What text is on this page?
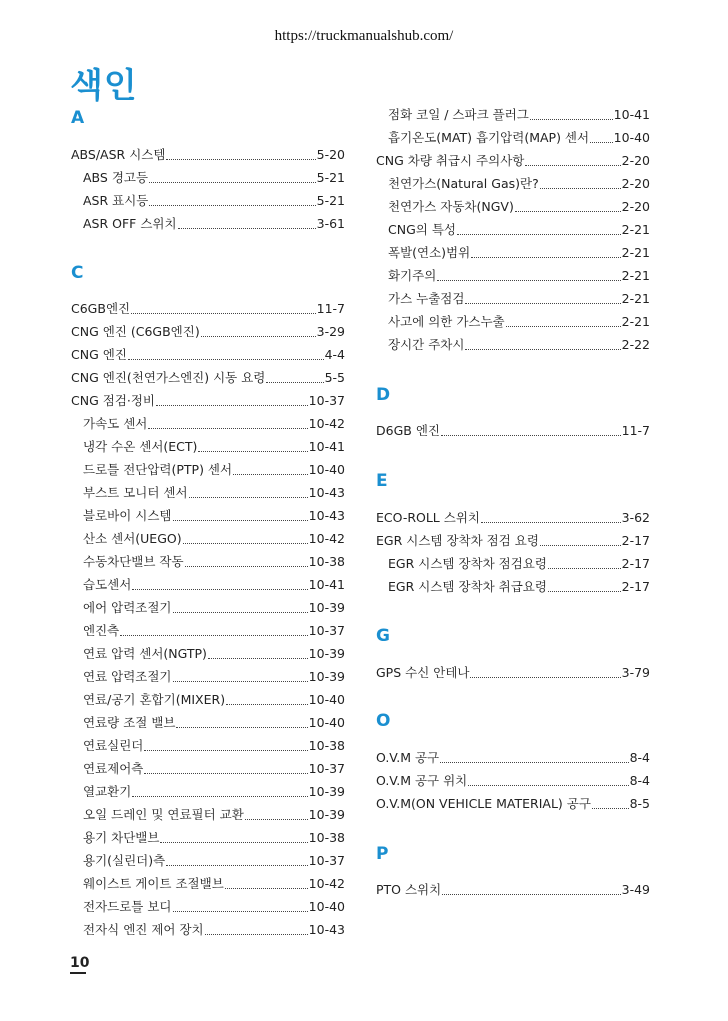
https://truckmanualshub.com/
색인
A
ABS/ASR 시스템	5-20
ABS 경고등	5-21
ASR 표시등	5-21
ASR OFF 스위치	3-61
C
C6GB엔진	11-7
CNG 엔진 (C6GB엔진)	3-29
CNG 엔진	4-4
CNG 엔진(천연가스엔진) 시동 요령	5-5
CNG 점검·정비	10-37
가속도 센서	10-42
냉각 수온 센서(ECT)	10-41
드로틀 전단압력(PTP) 센서	10-40
부스트 모니터 센서	10-43
블로바이 시스템	10-43
산소 센서(UEGO)	10-42
수동차단밸브 작동	10-38
습도센서	10-41
에어 압력조절기	10-39
엔진측	10-37
연료 압력 센서(NGTP)	10-39
연료 압력조절기	10-39
연료/공기 혼합기(MIXER)	10-40
연료량 조절 밸브	10-40
연료실린더	10-38
연료제어측	10-37
열교환기	10-39
오일 드레인 및 연료필터 교환	10-39
용기 차단밸브	10-38
용기(실린더)측	10-37
웨이스트 게이트 조절밸브	10-42
전자드로틀 보디	10-40
전자식 엔진 제어 장치	10-43
점화 코일 / 스파크 플러그	10-41
흡기온도(MAT) 흡기압력(MAP) 센서 10-40
CNG 차량 취급시 주의사항	2-20
천연가스(Natural Gas)란?	2-20
천연가스 자동차(NGV)	2-20
CNG의 특성	2-21
폭발(연소)범위	2-21
화기주의	2-21
가스 누출점검	2-21
사고에 의한 가스누출	2-21
장시간 주차시	2-22
D
D6GB 엔진	11-7
E
ECO-ROLL 스위치	3-62
EGR 시스템 장착차 점검 요령	2-17
EGR 시스템 장착차 점검요령	2-17
EGR 시스템 장착차 취급요령	2-17
G
GPS 수신 안테나	3-79
O
O.V.M 공구	8-4
O.V.M 공구 위치	8-4
O.V.M(ON VEHICLE MATERIAL) 공구	8-5
P
PTO 스위치	3-49
10
